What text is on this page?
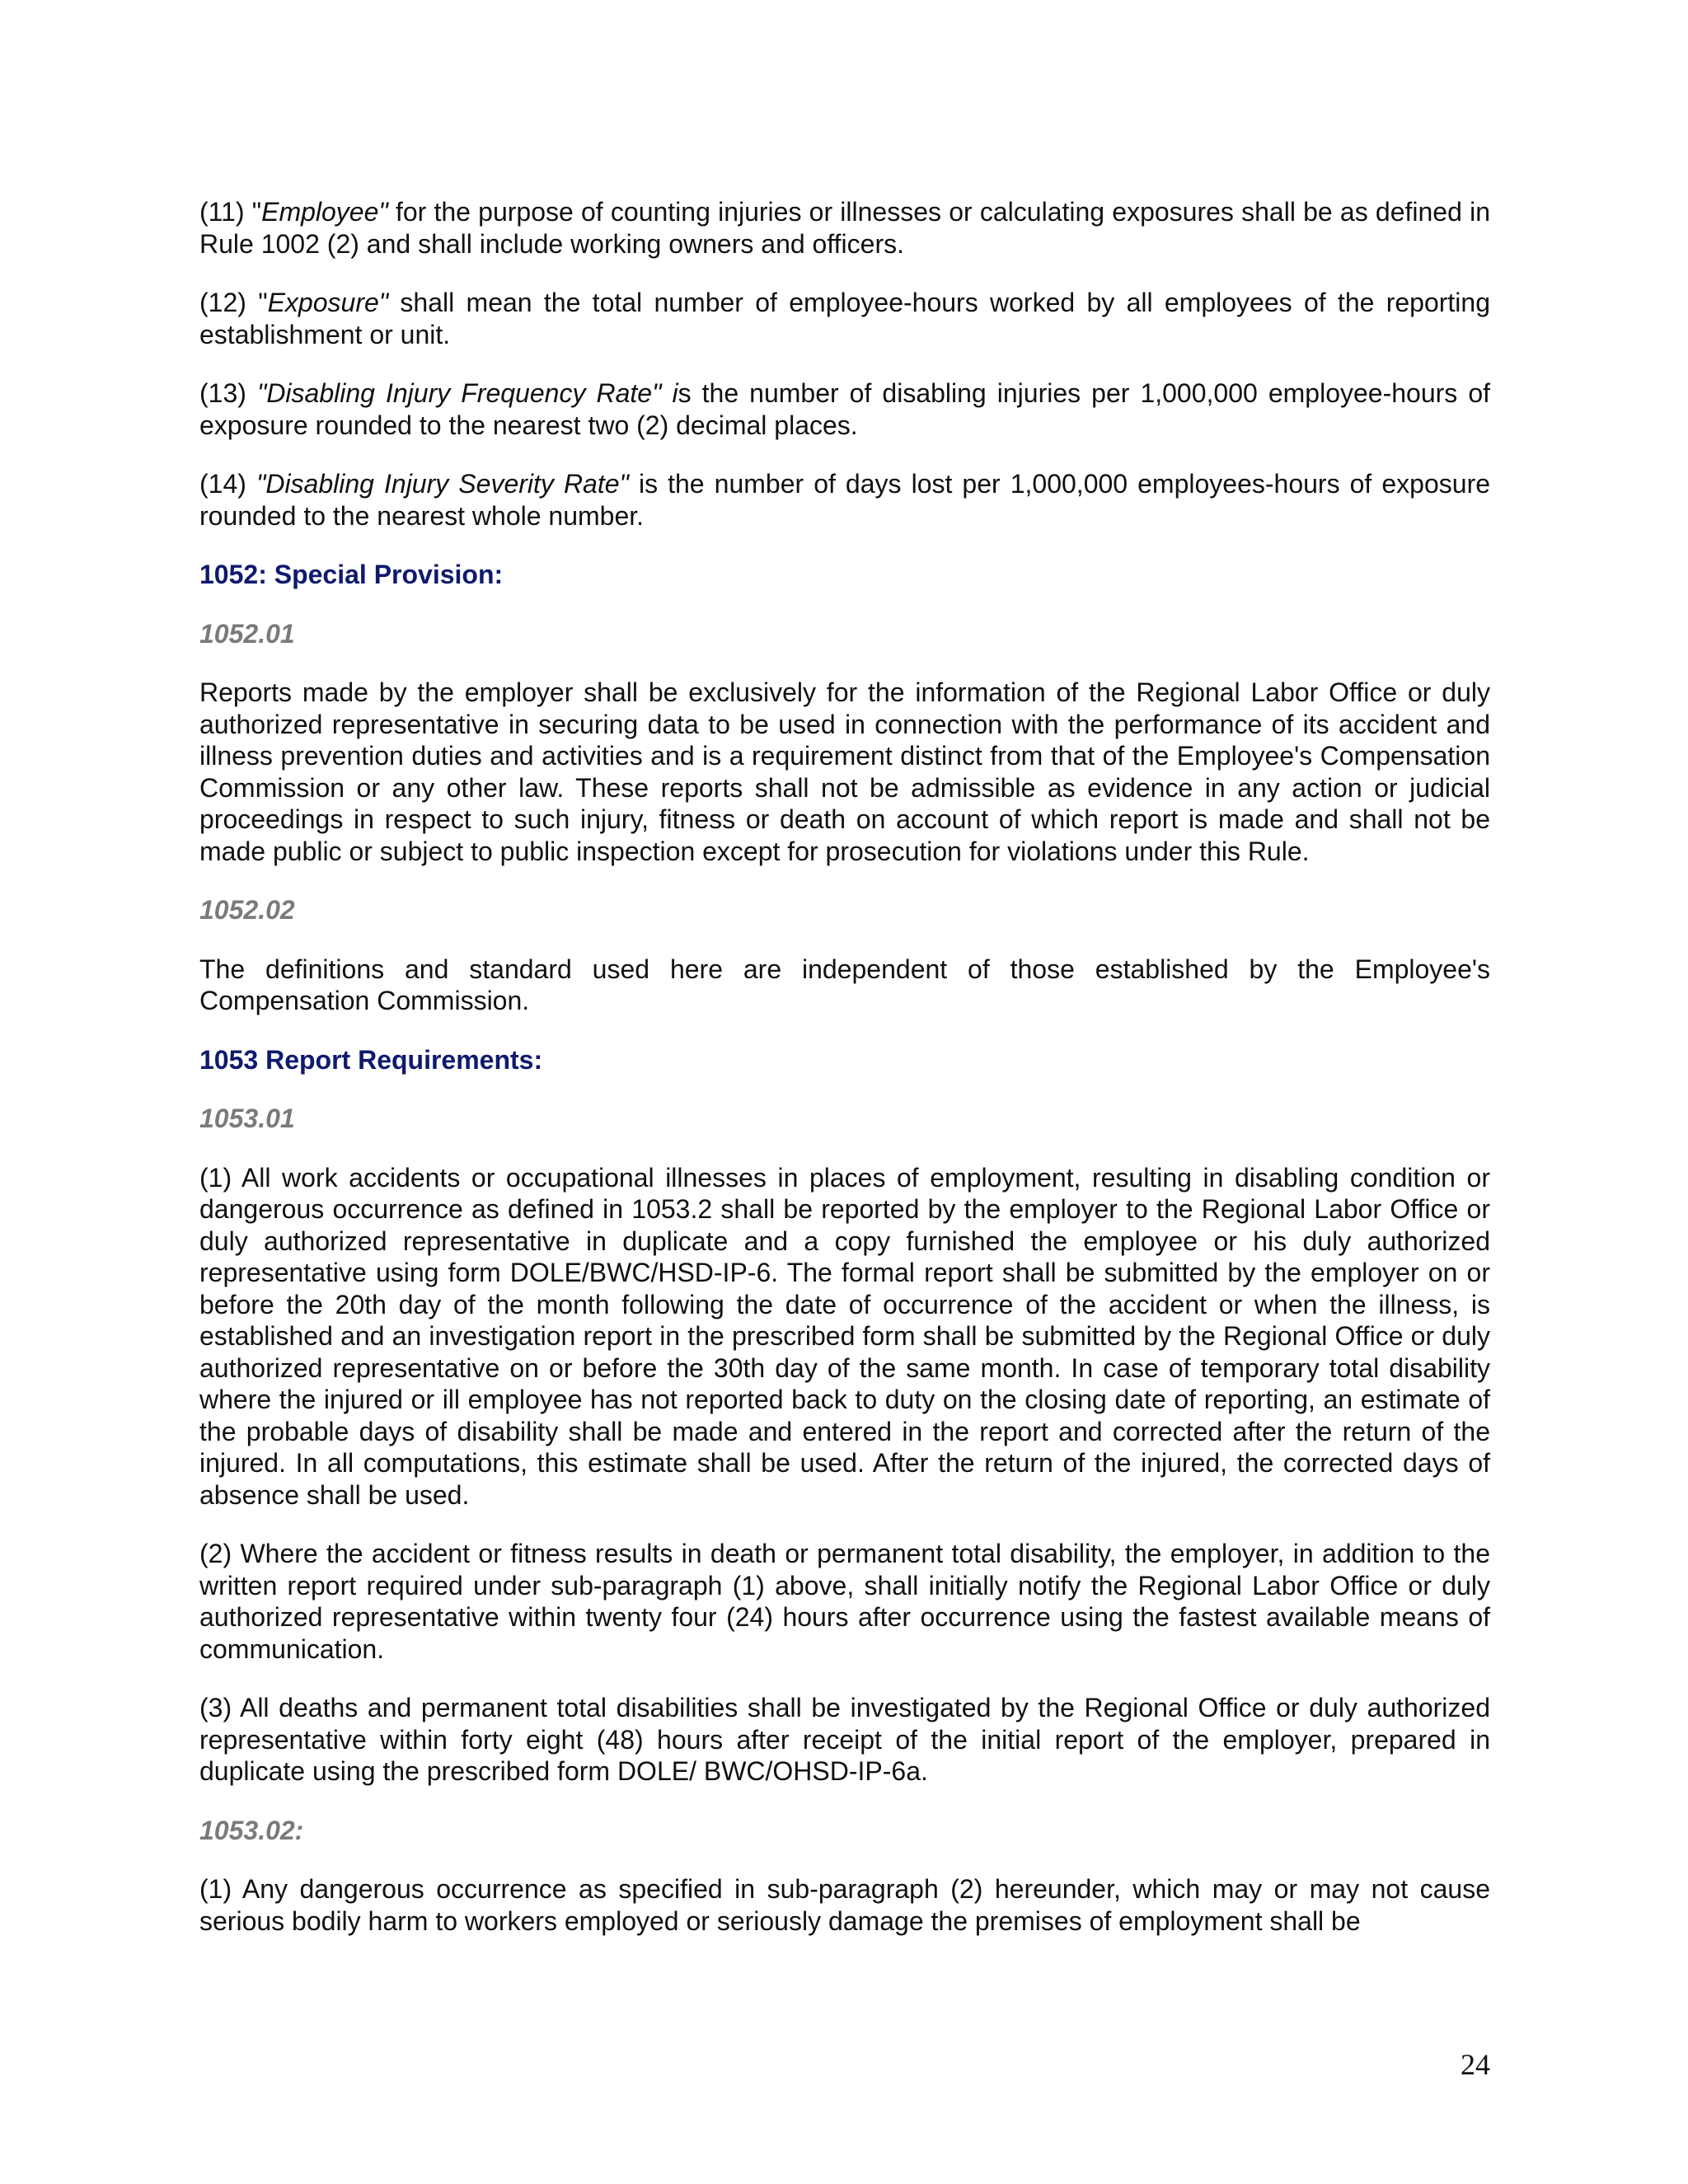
(11) "Employee" for the purpose of counting injuries or illnesses or calculating exposures shall be as defined in Rule 1002 (2) and shall include working owners and officers.

(12) "Exposure" shall mean the total number of employee-hours worked by all employees of the reporting establishment or unit.

(13) "Disabling Injury Frequency Rate" is the number of disabling injuries per 1,000,000 employee-hours of exposure rounded to the nearest two (2) decimal places.

(14) "Disabling Injury Severity Rate" is the number of days lost per 1,000,000 employees-hours of exposure rounded to the nearest whole number.

1052: Special Provision:

1052.01

Reports made by the employer shall be exclusively for the information of the Regional Labor Office or duly authorized representative in securing data to be used in connection with the performance of its accident and illness prevention duties and activities and is a requirement distinct from that of the Employee's Compensation Commission or any other law. These reports shall not be admissible as evidence in any action or judicial proceedings in respect to such injury, fitness or death on account of which report is made and shall not be made public or subject to public inspection except for prosecution for violations under this Rule.

1052.02

The definitions and standard used here are independent of those established by the Employee's Compensation Commission.

1053 Report Requirements:

1053.01

(1) All work accidents or occupational illnesses in places of employment, resulting in disabling condition or dangerous occurrence as defined in 1053.2 shall be reported by the employer to the Regional Labor Office or duly authorized representative in duplicate and a copy furnished the employee or his duly authorized representative using form DOLE/BWC/HSD-IP-6. The formal report shall be submitted by the employer on or before the 20th day of the month following the date of occurrence of the accident or when the illness, is established and an investigation report in the prescribed form shall be submitted by the Regional Office or duly authorized representative on or before the 30th day of the same month. In case of temporary total disability where the injured or ill employee has not reported back to duty on the closing date of reporting, an estimate of the probable days of disability shall be made and entered in the report and corrected after the return of the injured. In all computations, this estimate shall be used. After the return of the injured, the corrected days of absence shall be used.

(2) Where the accident or fitness results in death or permanent total disability, the employer, in addition to the written report required under sub-paragraph (1) above, shall initially notify the Regional Labor Office or duly authorized representative within twenty four (24) hours after occurrence using the fastest available means of communication.

(3) All deaths and permanent total disabilities shall be investigated by the Regional Office or duly authorized representative within forty eight (48) hours after receipt of the initial report of the employer, prepared in duplicate using the prescribed form DOLE/ BWC/OHSD-IP-6a.

1053.02:

(1) Any dangerous occurrence as specified in sub-paragraph (2) hereunder, which may or may not cause serious bodily harm to workers employed or seriously damage the premises of employment shall be

24
